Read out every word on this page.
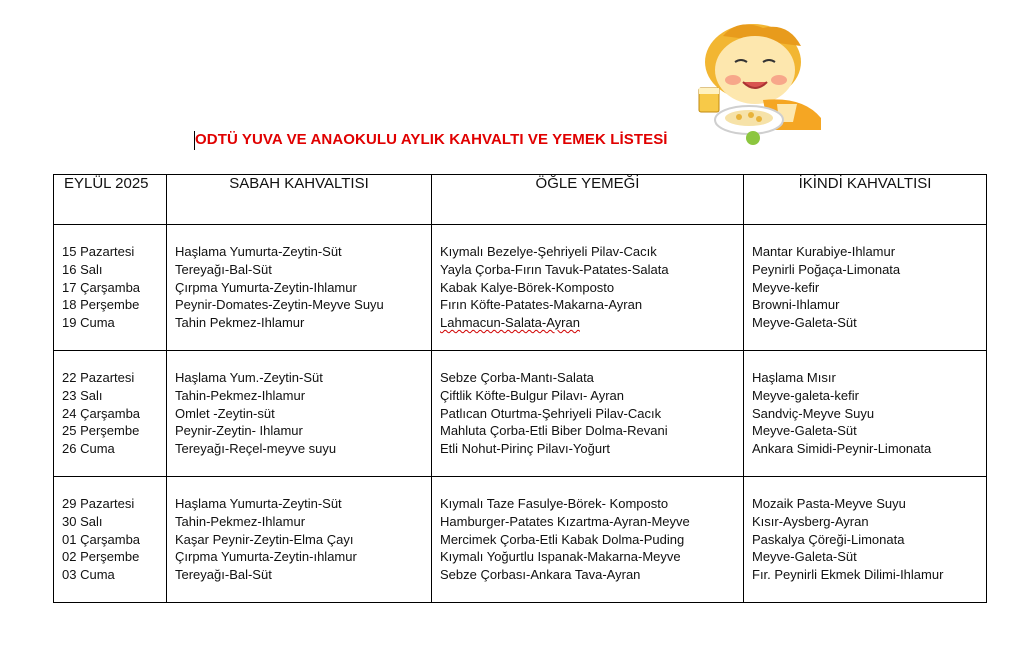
ODTÜ YUVA VE ANAOKULU AYLIK KAHVALTI VE YEMEK LİSTESİ
EYLÜL 2025	SABAH KAHVALTISI	ÖĞLE YEMEĞİ	İKİNDİ KAHVALTISI

15 Pazartesi
16 Salı
17 Çarşamba
18 Perşembe
19 Cuma	Haşlama Yumurta-Zeytin-Süt
Tereyağı-Bal-Süt
Çırpma Yumurta-Zeytin-Ihlamur
Peynir-Domates-Zeytin-Meyve Suyu
Tahin Pekmez-Ihlamur	Kıymalı Bezelye-Şehriyeli Pilav-Cacık
Yayla Çorba-Fırın Tavuk-Patates-Salata
Kabak Kalye-Börek-Komposto
Fırın Köfte-Patates-Makarna-Ayran
Lahmacun-Salata-Ayran	Mantar Kurabiye-Ihlamur
Peynirli Poğaça-Limonata
Meyve-kefir
Browni-Ihlamur
Meyve-Galeta-Süt

22 Pazartesi
23 Salı
24 Çarşamba
25 Perşembe
26 Cuma	Haşlama Yum.-Zeytin-Süt
Tahin-Pekmez-Ihlamur
Omlet -Zeytin-süt
Peynir-Zeytin- Ihlamur
Tereyağı-Reçel-meyve suyu	Sebze Çorba-Mantı-Salata
Çiftlik Köfte-Bulgur Pilavı- Ayran
Patlıcan Oturtma-Şehriyeli Pilav-Cacık
Mahluta Çorba-Etli Biber Dolma-Revani
Etli Nohut-Pirinç Pilavı-Yoğurt	Haşlama Mısır
Meyve-galeta-kefir
Sandviç-Meyve Suyu
Meyve-Galeta-Süt
Ankara Simidi-Peynir-Limonata

29 Pazartesi
30 Salı
01 Çarşamba
02 Perşembe
03 Cuma	Haşlama Yumurta-Zeytin-Süt
Tahin-Pekmez-Ihlamur
Kaşar Peynir-Zeytin-Elma Çayı
Çırpma Yumurta-Zeytin-ıhlamur
Tereyağı-Bal-Süt	Kıymalı Taze Fasulye-Börek- Komposto
Hamburger-Patates Kızartma-Ayran-Meyve
Mercimek Çorba-Etli Kabak Dolma-Puding
Kıymalı Yoğurtlu Ispanak-Makarna-Meyve
Sebze Çorbası-Ankara Tava-Ayran	Mozaik Pasta-Meyve Suyu
Kısır-Aysberg-Ayran
Paskalya Çöreği-Limonata
Meyve-Galeta-Süt
Fır. Peynirli Ekmek Dilimi-Ihlamur
